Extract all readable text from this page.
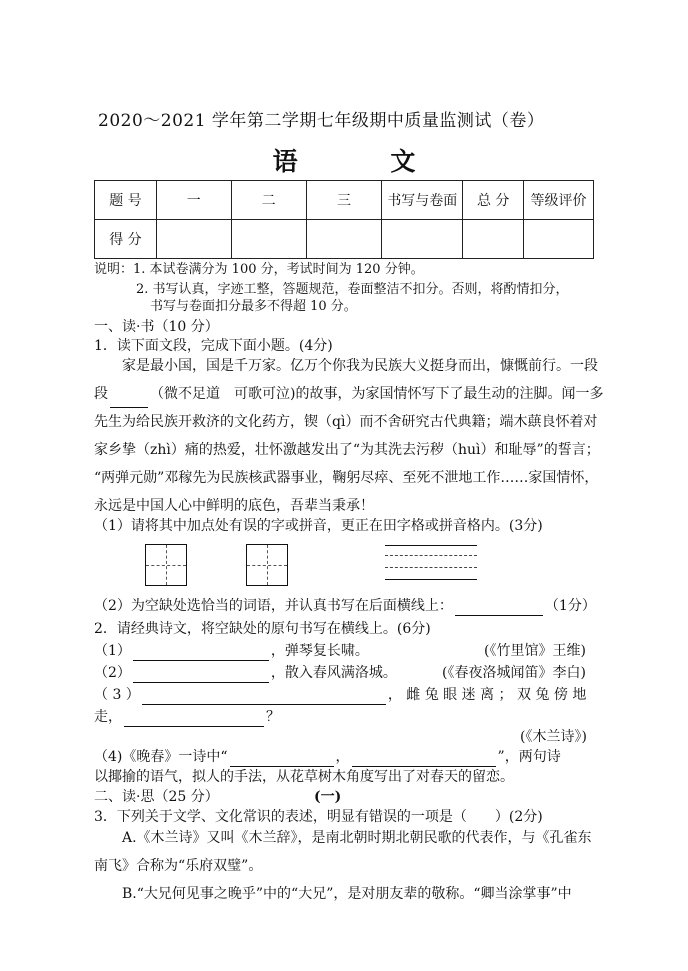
2020～2021 学年第二学期七年级期中质量监测试（卷）
语 文
题 号	一	二	三	书写与卷面	总 分	等级评价
得 分						
说明：1. 本试卷满分为 100 分，考试时间为 120 分钟。
2. 书写认真，字迹工整，答题规范，卷面整洁不扣分。否则，将酌情扣分，
书写与卷面扣分最多不得超 10 分。
一、读·书（10 分）
1．读下面文段，完成下面小题。(4分)
家是最小国，国是千万家。亿万个你我为民族大义挺身而出，慷慨前行。一段
段	（微不足道　可歌可泣)的故事，为家国情怀写下了最生动的注脚。闻一多
先生为给民族开救济的文化药方，锲（qì）而不舍研究古代典籍；端木蕻良怀着对
家乡挚（zhì）痛的热爱，壮怀激越发出了“为其洗去污秽（huì）和耻辱”的誓言；
“两弹元勋”邓稼先为民族核武器事业，鞠躬尽瘁、至死不泄地工作……家国情怀，
永远是中国人心中鲜明的底色，吾辈当秉承！
（1）请将其中加点处有误的字或拼音，更正在田字格或拼音格内。(3分)
（2）为空缺处选恰当的词语，并认真书写在后面横线上：	（1分）
2．请经典诗文，将空缺处的原句书写在横线上。(6分)
（1）	，弹琴复长啸。	(《竹里馆》王维)
（2）	，散入春风满洛城。	(《春夜洛城闻笛》李白)
（ 3 ）	， 雌 兔 眼 迷 离 ； 双 兔 傍 地
走，	？
(《木兰诗》)
（4)《晚春》一诗中“	，	”，两句诗
以揶揄的语气，拟人的手法，从花草树木角度写出了对春天的留恋。
二、读·思（25 分）	(一)
3．下列关于文学、文化常识的表述，明显有错误的一项是（　　）(2分)
A.《木兰诗》又叫《木兰辞》，是南北朝时期北朝民歌的代表作，与《孔雀东
南飞》合称为“乐府双璧”。
B.“大兄何见事之晚乎”中的“大兄”，是对朋友辈的敬称。“卿当涂掌事”中
